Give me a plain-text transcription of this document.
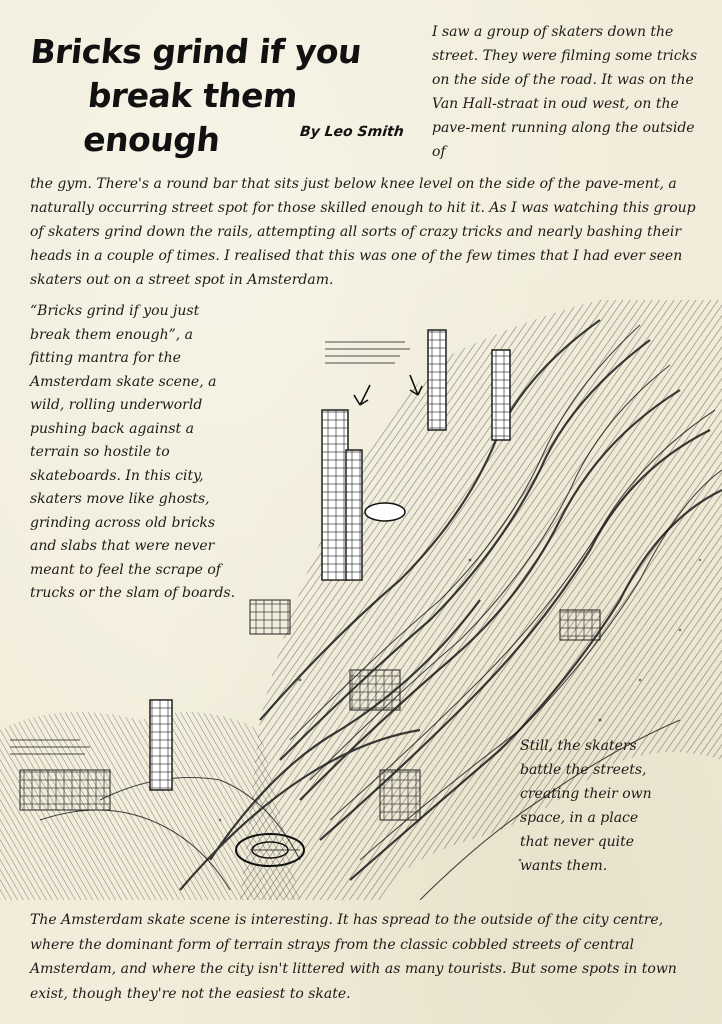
Bricks grind if you
break them enough	By Leo Smith

I saw a group of skaters down the street. They were filming some tricks on the side of the road. It was on the Van Hall-straat in oud west, on the pave-ment running along the outside of

the gym. There's a round bar that sits just below knee level on the side of the pave-ment, a naturally occurring street spot for those skilled enough to hit it. As I was watching this group of skaters grind down the rails, attempting all sorts of crazy tricks and nearly bashing their heads in a couple of times. I realised that this was one of the few times that I had ever seen skaters out on a street spot in Amsterdam.

“Bricks grind if you just break them enough”, a fitting mantra for the Amsterdam skate scene, a wild, rolling underworld pushing back against a terrain so hostile to skateboards. In this city, skaters move like ghosts, grinding across old bricks and slabs that were never meant to feel the scrape of trucks or the slam of boards.

Still, the skaters battle the streets, creating their own space, in a place that never quite wants them.

The Amsterdam skate scene is interesting. It has spread to the outside of the city centre, where the dominant form of terrain strays from the classic cobbled streets of central Amsterdam, and where the city isn't littered with as many tourists. But some spots in town exist, though they're not the easiest to skate.
